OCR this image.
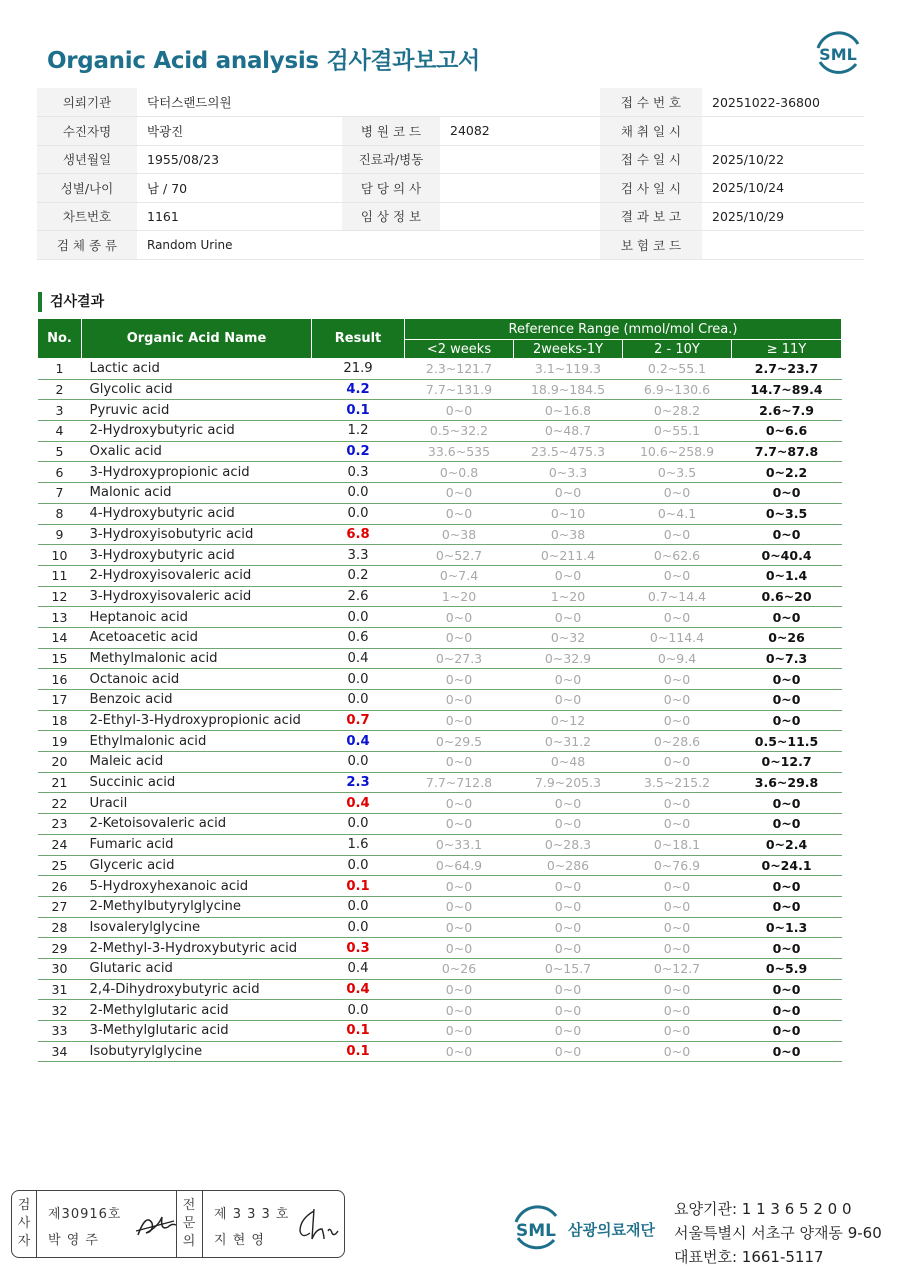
Organic Acid analysis 검사결과보고서	SML
의뢰기관	닥터스랜드의원			접 수 번 호	20251022-36800
수진자명	박광진	병 원 코 드	24082	채 취 일 시	
생년월일	1955/08/23	진료과/병동		접 수 일 시	2025/10/22
성별/나이	남 / 70	담 당 의 사		검 사 일 시	2025/10/24
차트번호	1161	임 상 정 보		결 과 보 고	2025/10/29
검 체 종 류	Random Urine			보 험 코 드	
검사결과
No.	Organic Acid Name	Result	Reference Range (mmol/mol Crea.)			
			<2 weeks	2weeks-1Y	2 - 10Y	≥ 11Y
1	Lactic acid	21.9	2.3~121.7	3.1~119.3	0.2~55.1	2.7~23.7
2	Glycolic acid	4.2	7.7~131.9	18.9~184.5	6.9~130.6	14.7~89.4
3	Pyruvic acid	0.1	0~0	0~16.8	0~28.2	2.6~7.9
4	2-Hydroxybutyric acid	1.2	0.5~32.2	0~48.7	0~55.1	0~6.6
5	Oxalic acid	0.2	33.6~535	23.5~475.3	10.6~258.9	7.7~87.8
6	3-Hydroxypropionic acid	0.3	0~0.8	0~3.3	0~3.5	0~2.2
7	Malonic acid	0.0	0~0	0~0	0~0	0~0
8	4-Hydroxybutyric acid	0.0	0~0	0~10	0~4.1	0~3.5
9	3-Hydroxyisobutyric acid	6.8	0~38	0~38	0~0	0~0
10	3-Hydroxybutyric acid	3.3	0~52.7	0~211.4	0~62.6	0~40.4
11	2-Hydroxyisovaleric acid	0.2	0~7.4	0~0	0~0	0~1.4
12	3-Hydroxyisovaleric acid	2.6	1~20	1~20	0.7~14.4	0.6~20
13	Heptanoic acid	0.0	0~0	0~0	0~0	0~0
14	Acetoacetic acid	0.6	0~0	0~32	0~114.4	0~26
15	Methylmalonic acid	0.4	0~27.3	0~32.9	0~9.4	0~7.3
16	Octanoic acid	0.0	0~0	0~0	0~0	0~0
17	Benzoic acid	0.0	0~0	0~0	0~0	0~0
18	2-Ethyl-3-Hydroxypropionic acid	0.7	0~0	0~12	0~0	0~0
19	Ethylmalonic acid	0.4	0~29.5	0~31.2	0~28.6	0.5~11.5
20	Maleic acid	0.0	0~0	0~48	0~0	0~12.7
21	Succinic acid	2.3	7.7~712.8	7.9~205.3	3.5~215.2	3.6~29.8
22	Uracil	0.4	0~0	0~0	0~0	0~0
23	2-Ketoisovaleric acid	0.0	0~0	0~0	0~0	0~0
24	Fumaric acid	1.6	0~33.1	0~28.3	0~18.1	0~2.4
25	Glyceric acid	0.0	0~64.9	0~286	0~76.9	0~24.1
26	5-Hydroxyhexanoic acid	0.1	0~0	0~0	0~0	0~0
27	2-Methylbutyrylglycine	0.0	0~0	0~0	0~0	0~0
28	Isovalerylglycine	0.0	0~0	0~0	0~0	0~1.3
29	2-Methyl-3-Hydroxybutyric acid	0.3	0~0	0~0	0~0	0~0
30	Glutaric acid	0.4	0~26	0~15.7	0~12.7	0~5.9
31	2,4-Dihydroxybutyric acid	0.4	0~0	0~0	0~0	0~0
32	2-Methylglutaric acid	0.0	0~0	0~0	0~0	0~0
33	3-Methylglutaric acid	0.1	0~0	0~0	0~0	0~0
34	Isobutyrylglycine	0.1	0~0	0~0	0~0	0~0
검사자
제30916호
박 영 주
전문의
제 3 3 3 호
지 현 영	SML 삼광의료재단
요양기관: 1 1 3 6 5 2 0 0
서울특별시 서초구 양재동 9-60
대표번호: 1661-5117
